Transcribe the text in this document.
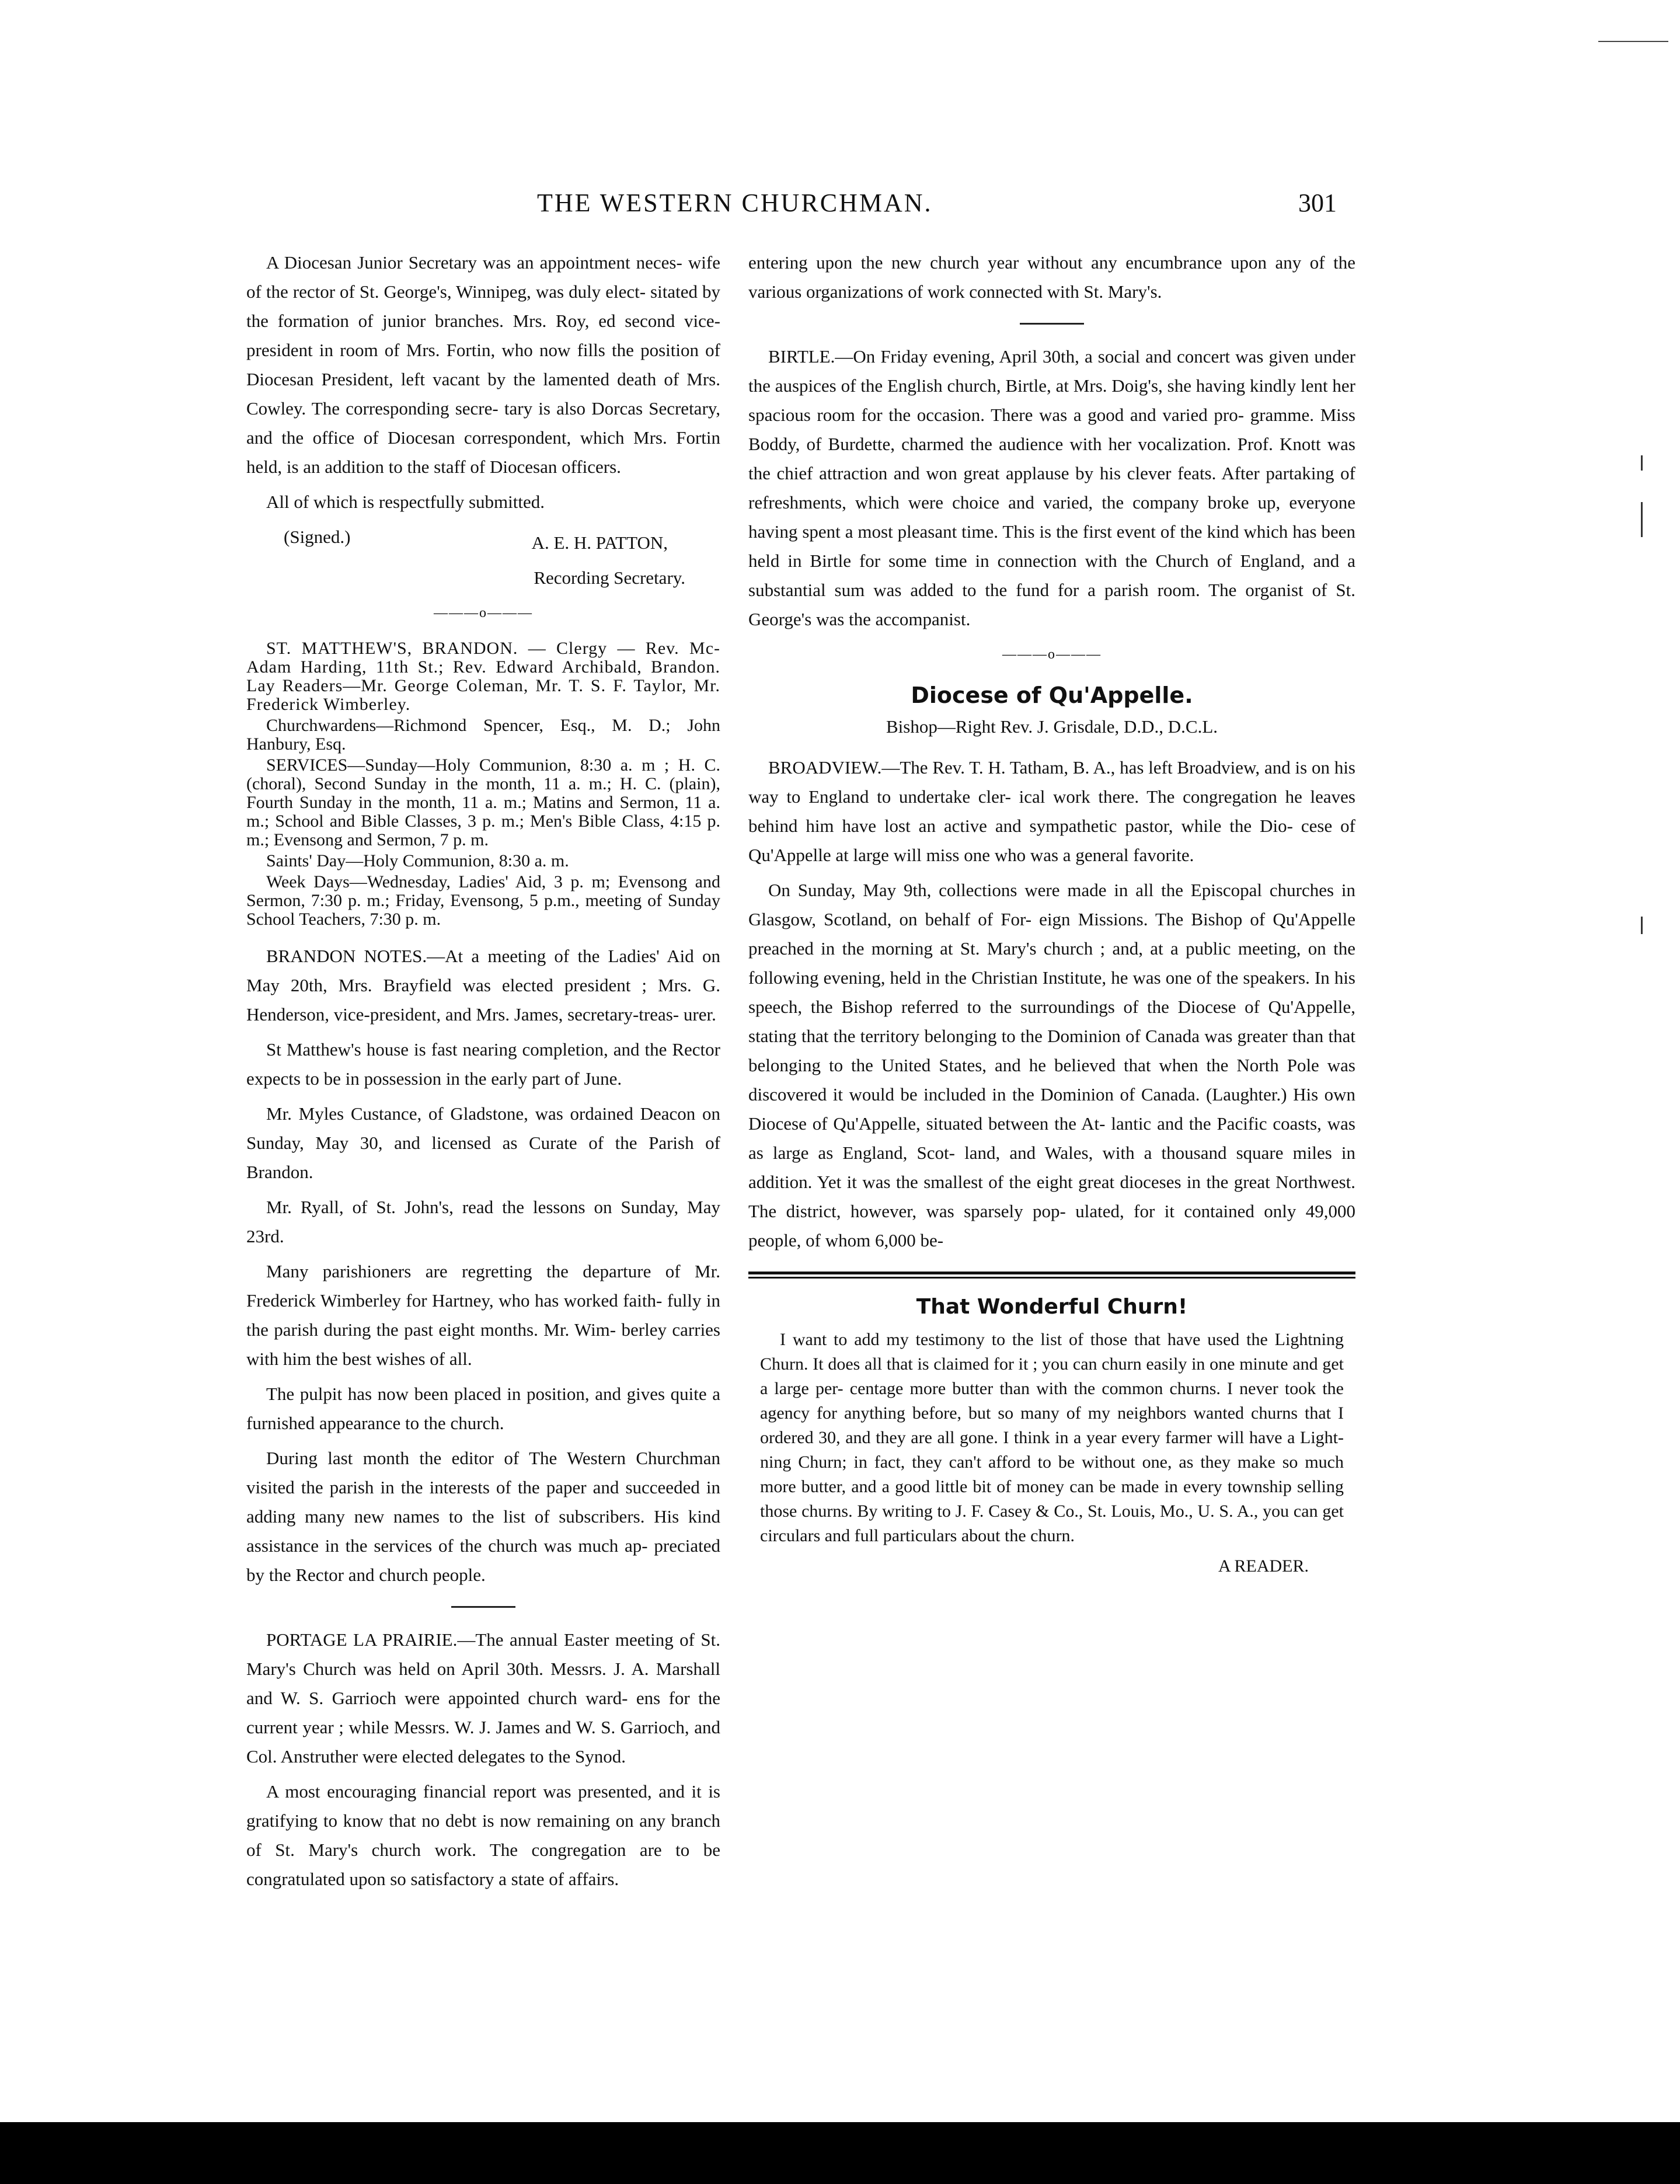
THE WESTERN CHURCHMAN.	301

A Diocesan Junior Secretary was an appointment neces- wife of the rector of St. George's, Winnipeg, was duly elect- sitated by the formation of junior branches. Mrs. Roy, ed second vice-president in room of Mrs. Fortin, who now fills the position of Diocesan President, left vacant by the lamented death of Mrs. Cowley. The corresponding secre- tary is also Dorcas Secretary, and the office of Diocesan correspondent, which Mrs. Fortin held, is an addition to the staff of Diocesan officers.

All of which is respectfully submitted.

(Signed.)	A. E. H. PATTON,

Recording Secretary.

———o———

ST. MATTHEW'S, BRANDON. — Clergy — Rev. Mc- Adam Harding, 11th St.; Rev. Edward Archibald, Brandon. Lay Readers—Mr. George Coleman, Mr. T. S. F. Taylor, Mr. Frederick Wimberley.

Churchwardens—Richmond Spencer, Esq., M. D.; John Hanbury, Esq.

SERVICES—Sunday—Holy Communion, 8:30 a. m ; H. C. (choral), Second Sunday in the month, 11 a. m.; H. C. (plain), Fourth Sunday in the month, 11 a. m.; Matins and Sermon, 11 a. m.; School and Bible Classes, 3 p. m.; Men's Bible Class, 4:15 p. m.; Evensong and Sermon, 7 p. m.

Saints' Day—Holy Communion, 8:30 a. m.

Week Days—Wednesday, Ladies' Aid, 3 p. m; Evensong and Sermon, 7:30 p. m.; Friday, Evensong, 5 p.m., meeting of Sunday School Teachers, 7:30 p. m.

BRANDON NOTES.—At a meeting of the Ladies' Aid on May 20th, Mrs. Brayfield was elected president ; Mrs. G. Henderson, vice-president, and Mrs. James, secretary-treas- urer.

St Matthew's house is fast nearing completion, and the Rector expects to be in possession in the early part of June.

Mr. Myles Custance, of Gladstone, was ordained Deacon on Sunday, May 30, and licensed as Curate of the Parish of Brandon.

Mr. Ryall, of St. John's, read the lessons on Sunday, May 23rd.

Many parishioners are regretting the departure of Mr. Frederick Wimberley for Hartney, who has worked faith- fully in the parish during the past eight months. Mr. Wim- berley carries with him the best wishes of all.

The pulpit has now been placed in position, and gives quite a furnished appearance to the church.

During last month the editor of The Western Churchman visited the parish in the interests of the paper and succeeded in adding many new names to the list of subscribers. His kind assistance in the services of the church was much ap- preciated by the Rector and church people.

PORTAGE LA PRAIRIE.—The annual Easter meeting of St. Mary's Church was held on April 30th. Messrs. J. A. Marshall and W. S. Garrioch were appointed church ward- ens for the current year ; while Messrs. W. J. James and W. S. Garrioch, and Col. Anstruther were elected delegates to the Synod.

A most encouraging financial report was presented, and it is gratifying to know that no debt is now remaining on any branch of St. Mary's church work. The congregation are to be congratulated upon so satisfactory a state of affairs.

entering upon the new church year without any encumbrance upon any of the various organizations of work connected with St. Mary's.

BIRTLE.—On Friday evening, April 30th, a social and concert was given under the auspices of the English church, Birtle, at Mrs. Doig's, she having kindly lent her spacious room for the occasion. There was a good and varied pro- gramme. Miss Boddy, of Burdette, charmed the audience with her vocalization. Prof. Knott was the chief attraction and won great applause by his clever feats. After partaking of refreshments, which were choice and varied, the company broke up, everyone having spent a most pleasant time. This is the first event of the kind which has been held in Birtle for some time in connection with the Church of England, and a substantial sum was added to the fund for a parish room. The organist of St. George's was the accompanist.

———o———
Diocese of Qu'Appelle.
Bishop—Right Rev. J. Grisdale, D.D., D.C.L.

BROADVIEW.—The Rev. T. H. Tatham, B. A., has left Broadview, and is on his way to England to undertake cler- ical work there. The congregation he leaves behind him have lost an active and sympathetic pastor, while the Dio- cese of Qu'Appelle at large will miss one who was a general favorite.

On Sunday, May 9th, collections were made in all the Episcopal churches in Glasgow, Scotland, on behalf of For- eign Missions. The Bishop of Qu'Appelle preached in the morning at St. Mary's church ; and, at a public meeting, on the following evening, held in the Christian Institute, he was one of the speakers. In his speech, the Bishop referred to the surroundings of the Diocese of Qu'Appelle, stating that the territory belonging to the Dominion of Canada was greater than that belonging to the United States, and he believed that when the North Pole was discovered it would be included in the Dominion of Canada. (Laughter.) His own Diocese of Qu'Appelle, situated between the At- lantic and the Pacific coasts, was as large as England, Scot- land, and Wales, with a thousand square miles in addition. Yet it was the smallest of the eight great dioceses in the great Northwest. The district, however, was sparsely pop- ulated, for it contained only 49,000 people, of whom 6,000 be-

That Wonderful Churn!

I want to add my testimony to the list of those that have used the Lightning Churn. It does all that is claimed for it ; you can churn easily in one minute and get a large per- centage more butter than with the common churns. I never took the agency for anything before, but so many of my neighbors wanted churns that I ordered 30, and they are all gone. I think in a year every farmer will have a Light- ning Churn; in fact, they can't afford to be without one, as they make so much more butter, and a good little bit of money can be made in every township selling those churns. By writing to J. F. Casey & Co., St. Louis, Mo., U. S. A., you can get circulars and full particulars about the churn.

A READER.
